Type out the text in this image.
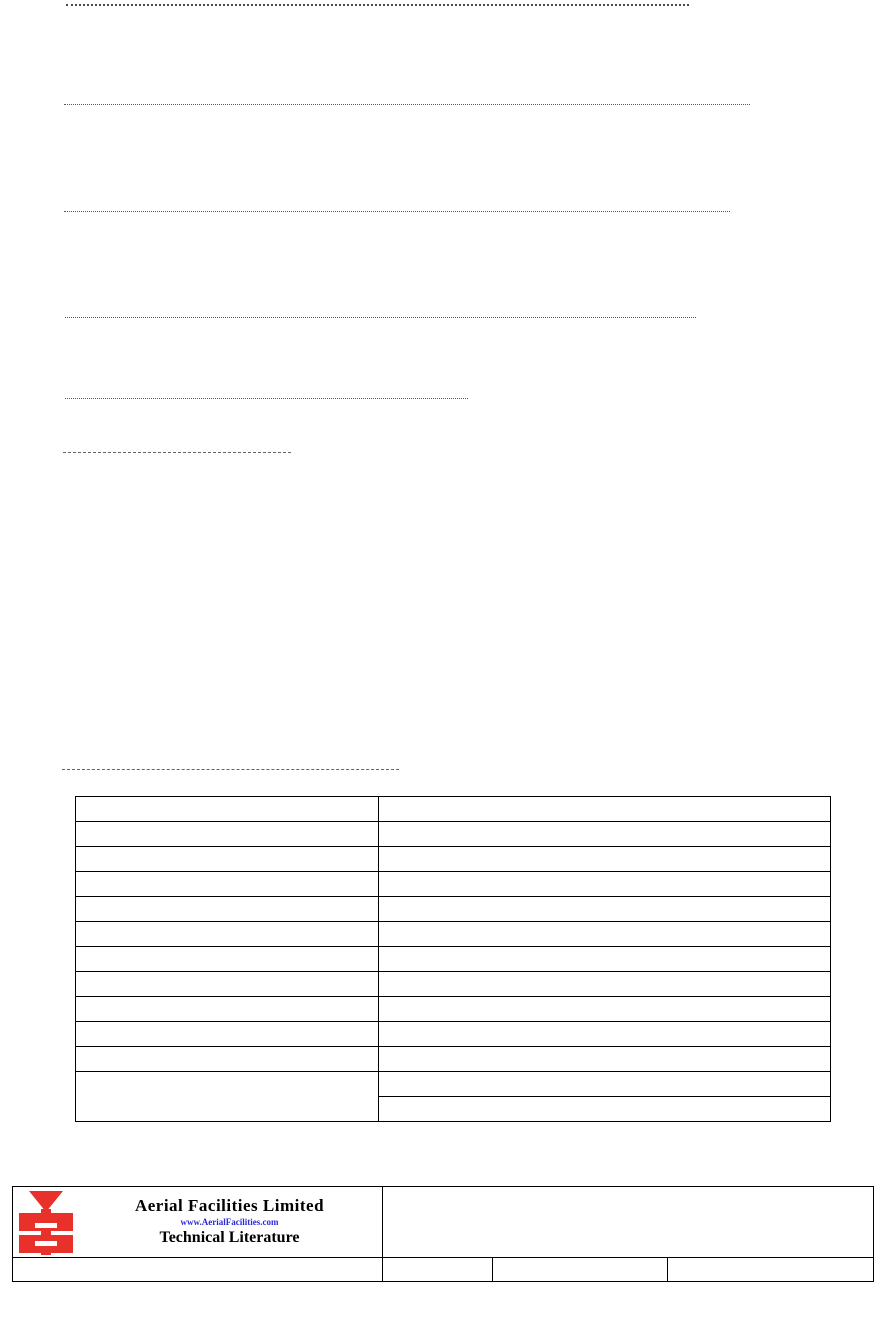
Aerial Facilities Limited
www.AerialFacilities.com
Technical Literature
